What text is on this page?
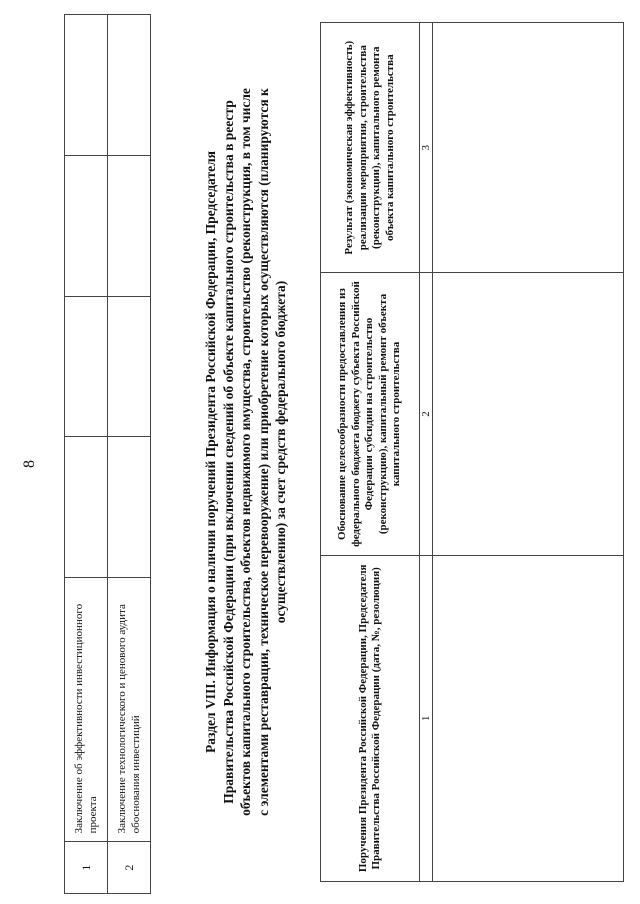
8
1	Заключение об эффективности инвестиционного проекта				
2	Заключение технологического и ценового аудита обоснования инвестиций				

Раздел VIII. Информация о наличии поручений Президента Российской Федерации, Председателя Правительства Российской Федерации (при включении сведений об объекте капитального строительства в реестр объектов капитального строительства, объектов недвижимого имущества, строительство (реконструкция, в том числе с элементами реставрации, техническое перевооружение) или приобретение которых осуществляются (планируются к осуществлению) за счет средств федерального бюджета)

Поручения Президента Российской Федерации, Председателя Правительства Российской Федерации (дата, №, резолюция)	Обоснование целесообразности предоставления из федерального бюджета бюджету субъекта Российской Федерации субсидии на строительство (реконструкцию), капитальный ремонт объекта капитального строительства	Результат (экономическая эффективность) реализации мероприятия, строительства (реконструкции), капитального ремонта объекта капитального строительства
1	2	3
